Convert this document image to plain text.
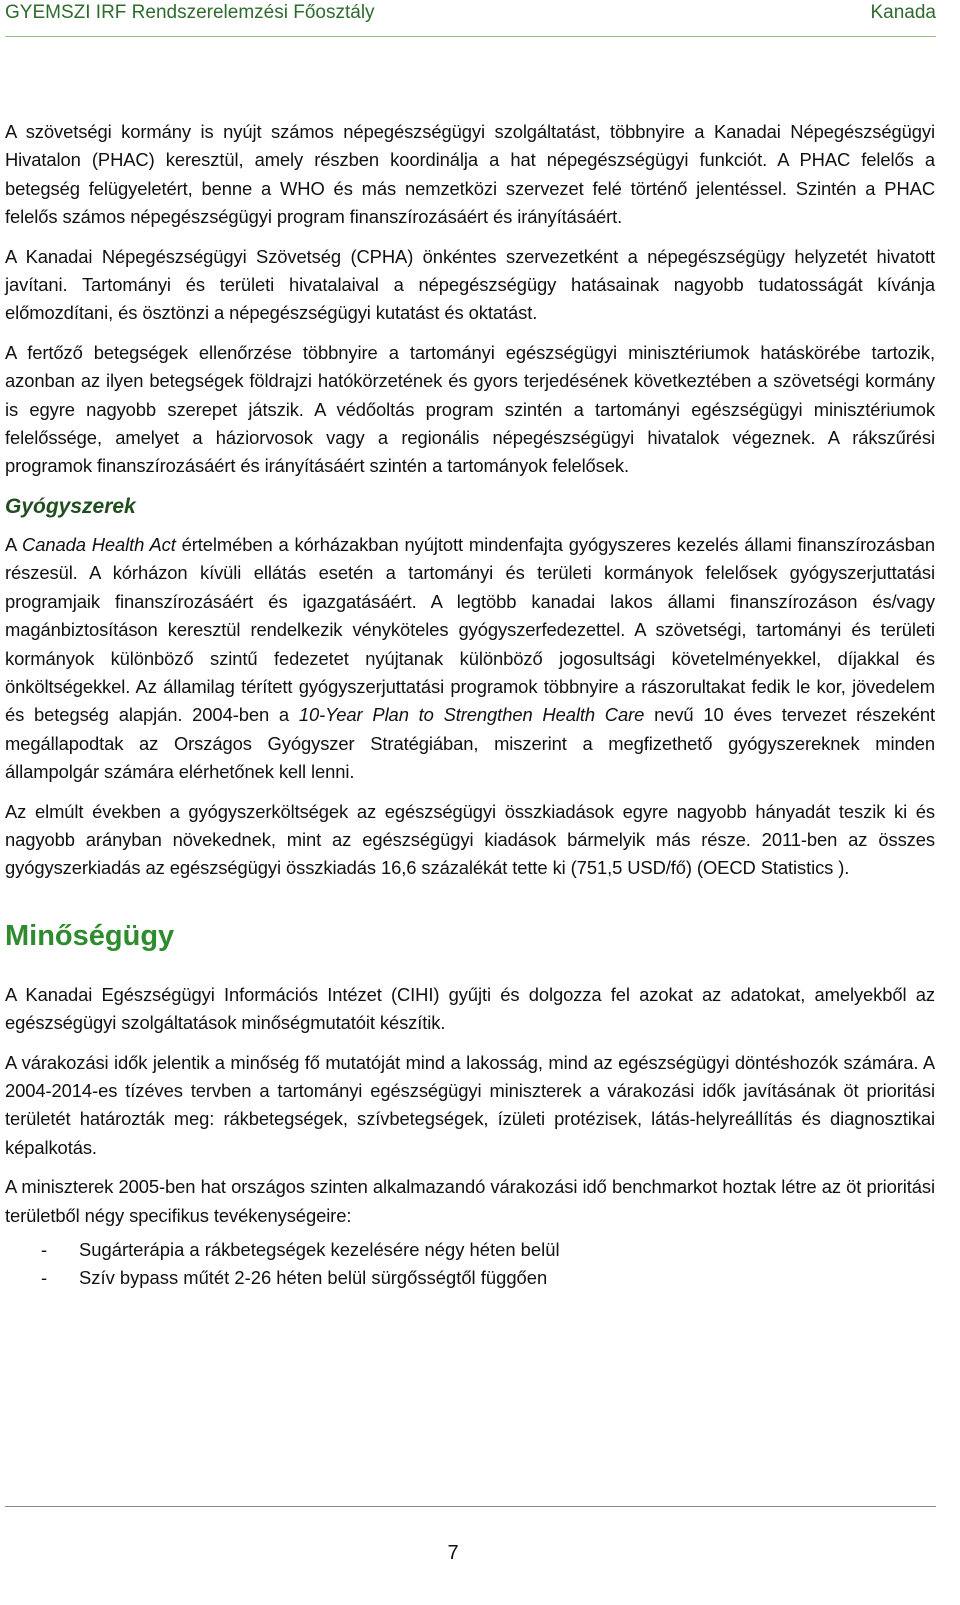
GYEMSZI IRF Rendszerelemzési Főosztály	Kanada

A szövetségi kormány is nyújt számos népegészségügyi szolgáltatást, többnyire a Kanadai Népegészségügyi Hivatalon (PHAC) keresztül, amely részben koordinálja a hat népegészségügyi funkciót. A PHAC felelős a betegség felügyeletért, benne a WHO és más nemzetközi szervezet felé történő jelentéssel. Szintén a PHAC felelős számos népegészségügyi program finanszírozásáért és irányításáért.

A Kanadai Népegészségügyi Szövetség (CPHA) önkéntes szervezetként a népegészségügy helyzetét hivatott javítani. Tartományi és területi hivatalaival a népegészségügy hatásainak nagyobb tudatosságát kívánja előmozdítani, és ösztönzi a népegészségügyi kutatást és oktatást.

A fertőző betegségek ellenőrzése többnyire a tartományi egészségügyi minisztériumok hatáskörébe tartozik, azonban az ilyen betegségek földrajzi hatókörzetének és gyors terjedésének következtében a szövetségi kormány is egyre nagyobb szerepet játszik. A védőoltás program szintén a tartományi egészségügyi minisztériumok felelőssége, amelyet a háziorvosok vagy a regionális népegészségügyi hivatalok végeznek. A rákszűrési programok finanszírozásáért és irányításáért szintén a tartományok felelősek.

Gyógyszerek

A Canada Health Act értelmében a kórházakban nyújtott mindenfajta gyógyszeres kezelés állami finanszírozásban részesül. A kórházon kívüli ellátás esetén a tartományi és területi kormányok felelősek gyógyszerjuttatási programjaik finanszírozásáért és igazgatásáért. A legtöbb kanadai lakos állami finanszírozáson és/vagy magánbiztosításon keresztül rendelkezik vényköteles gyógyszerfedezettel. A szövetségi, tartományi és területi kormányok különböző szintű fedezetet nyújtanak különböző jogosultsági követelményekkel, díjakkal és önköltségekkel. Az államilag térített gyógyszerjuttatási programok többnyire a rászorultakat fedik le kor, jövedelem és betegség alapján. 2004-ben a 10-Year Plan to Strengthen Health Care nevű 10 éves tervezet részeként megállapodtak az Országos Gyógyszer Stratégiában, miszerint a megfizethető gyógyszereknek minden állampolgár számára elérhetőnek kell lenni.

Az elmúlt években a gyógyszerköltségek az egészségügyi összkiadások egyre nagyobb hányadát teszik ki és nagyobb arányban növekednek, mint az egészségügyi kiadások bármelyik más része. 2011-ben az összes gyógyszerkiadás az egészségügyi összkiadás 16,6 százalékát tette ki (751,5 USD/fő) (OECD Statistics ).

Minőségügy

A Kanadai Egészségügyi Információs Intézet (CIHI) gyűjti és dolgozza fel azokat az adatokat, amelyekből az egészségügyi szolgáltatások minőségmutatóit készítik.

A várakozási idők jelentik a minőség fő mutatóját mind a lakosság, mind az egészségügyi döntéshozók számára. A 2004-2014-es tízéves tervben a tartományi egészségügyi miniszterek a várakozási idők javításának öt prioritási területét határozták meg: rákbetegségek, szívbetegségek, ízületi protézisek, látás-helyreállítás és diagnosztikai képalkotás.

A miniszterek 2005-ben hat országos szinten alkalmazandó várakozási idő benchmarkot hoztak létre az öt prioritási területből négy specifikus tevékenységeire:

-	Sugárterápia a rákbetegségek kezelésére négy héten belül
-	Szív bypass műtét 2-26 héten belül sürgősségtől függően
7
